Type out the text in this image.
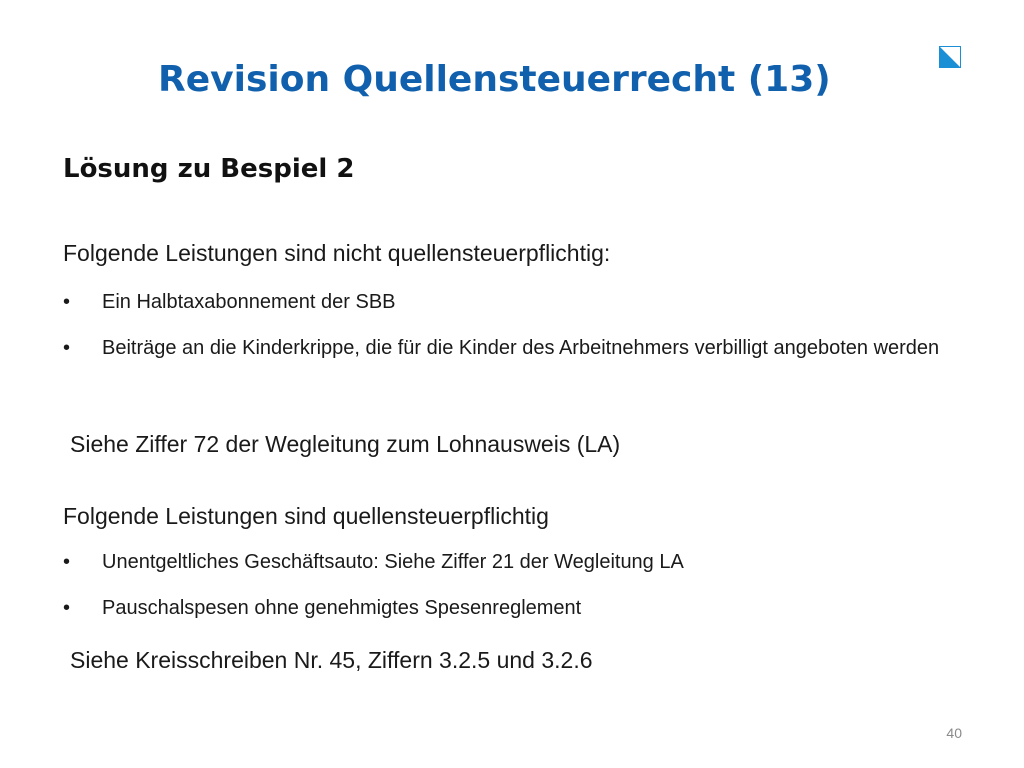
Revision Quellensteuerrecht (13)
Lösung zu Bespiel 2
Folgende Leistungen sind nicht quellensteuerpflichtig:
•	Ein Halbtaxabonnement der SBB
•	Beiträge an die Kinderkrippe, die für die Kinder des Arbeitnehmers verbilligt angeboten werden
Siehe Ziffer 72 der Wegleitung zum Lohnausweis (LA)
Folgende Leistungen sind quellensteuerpflichtig
•	Unentgeltliches Geschäftsauto: Siehe Ziffer 21 der Wegleitung LA
•	Pauschalspesen ohne genehmigtes Spesenreglement
Siehe Kreisschreiben Nr. 45, Ziffern 3.2.5 und 3.2.6
40
